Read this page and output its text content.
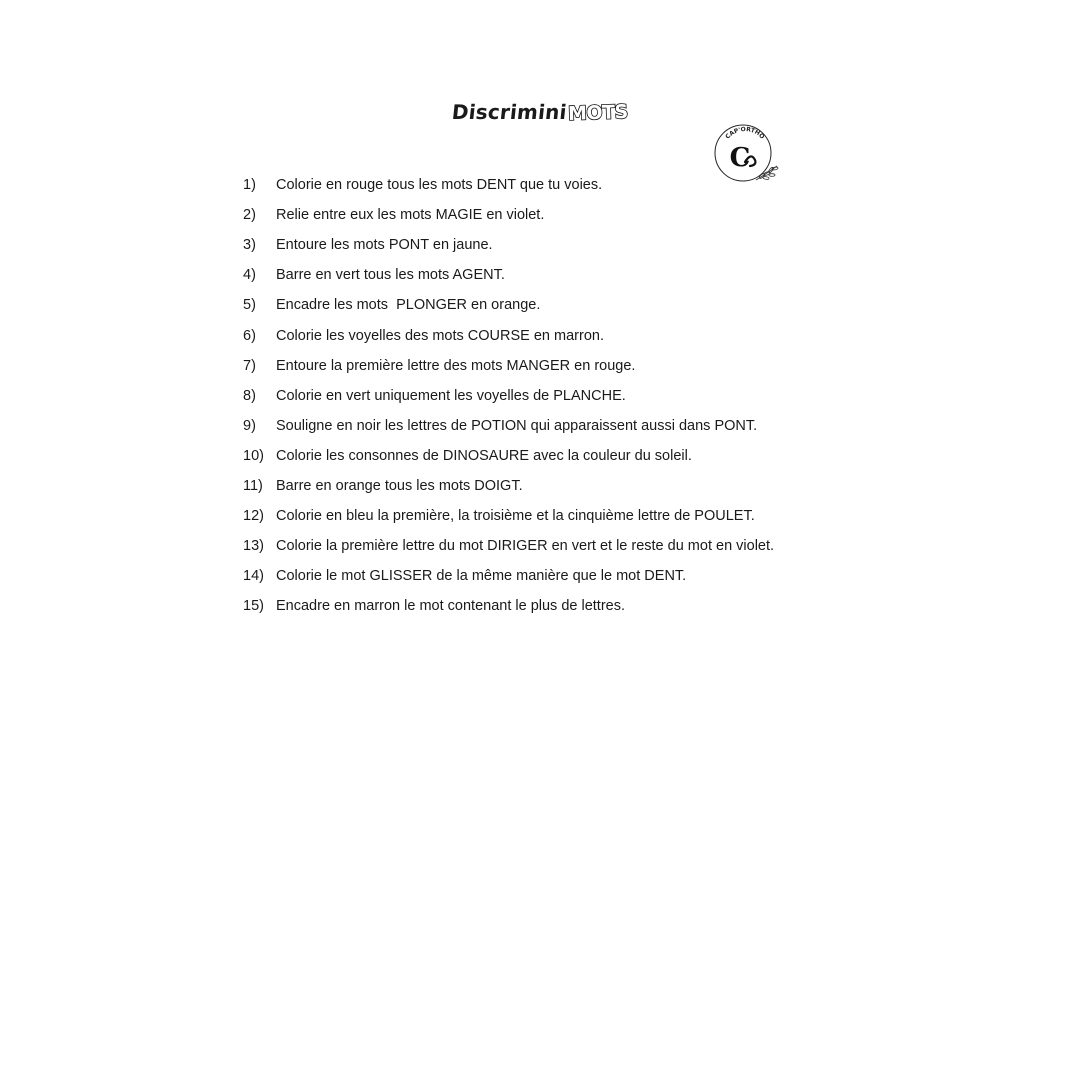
Discrimini MOTS
CAP'ORTHO
C
1)	Colorie en rouge tous les mots DENT que tu voies.
2)	Relie entre eux les mots MAGIE en violet.
3)	Entoure les mots PONT en jaune.
4)	Barre en vert tous les mots AGENT.
5)	Encadre les mots  PLONGER en orange.
6)	Colorie les voyelles des mots COURSE en marron.
7)	Entoure la première lettre des mots MANGER en rouge.
8)	Colorie en vert uniquement les voyelles de PLANCHE.
9)	Souligne en noir les lettres de POTION qui apparaissent aussi dans PONT.
10) Colorie les consonnes de DINOSAURE avec la couleur du soleil.
11) Barre en orange tous les mots DOIGT.
12) Colorie en bleu la première, la troisième et la cinquième lettre de POULET.
13) Colorie la première lettre du mot DIRIGER en vert et le reste du mot en violet.
14) Colorie le mot GLISSER de la même manière que le mot DENT.
15) Encadre en marron le mot contenant le plus de lettres.
